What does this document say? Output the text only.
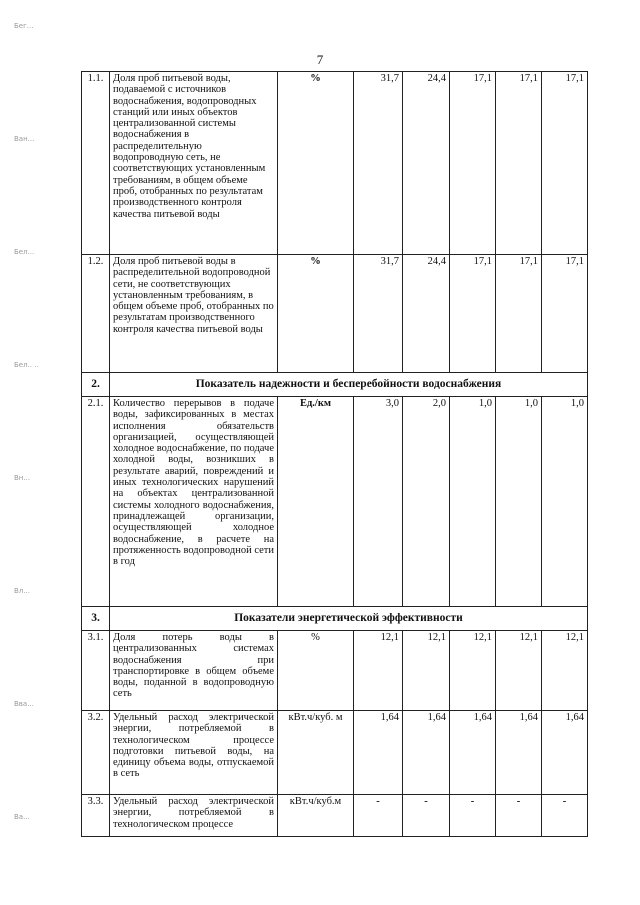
7
Бег...
Ван...
Бел...
Бел.. ..
Вн...
Вл...
Вва...
Ва...
1.1.	Доля проб питьевой воды, подаваемой с источников водоснабжения, водопроводных станций или иных объектов централизованной системы водоснабжения в распределительную водопроводную сеть, не соответствующих установленным требованиям, в общем объеме проб, отобранных по результатам производственного контроля качества питьевой воды	%	31,7	24,4	17,1	17,1	17,1
1.2.	Доля проб питьевой воды в распределительной водопроводной сети, не соответствующих установленным требованиям, в общем объеме проб, отобранных по результатам производственного контроля качества питьевой воды	%	31,7	24,4	17,1	17,1	17,1
2.	Показатель надежности и бесперебойности водоснабжения						
2.1.	Количество перерывов в подаче воды, зафиксированных в местах исполнения обязательств организацией, осуществляющей холодное водоснабжение, по подаче холодной воды, возникших в результате аварий, повреждений и иных технологических нарушений на объектах централизованной системы холодного водоснабжения, принадлежащей организации, осуществляющей холодное водоснабжение, в расчете на протяженность водопроводной сети в год	Ед./км	3,0	2,0	1,0	1,0	1,0
3.	Показатели энергетической эффективности						
3.1.	Доля потерь воды в централизованных системах водоснабжения при транспортировке в общем объеме воды, поданной в водопроводную сеть	%	12,1	12,1	12,1	12,1	12,1
3.2.	Удельный расход электрической энергии, потребляемой в технологическом процессе подготовки питьевой воды, на единицу объема воды, отпускаемой в сеть	кВт.ч/куб. м	1,64	1,64	1,64	1,64	1,64
3.3.	Удельный расход электрической энергии, потребляемой в технологическом процессе	кВт.ч/куб.м	-	-	-	-	-
